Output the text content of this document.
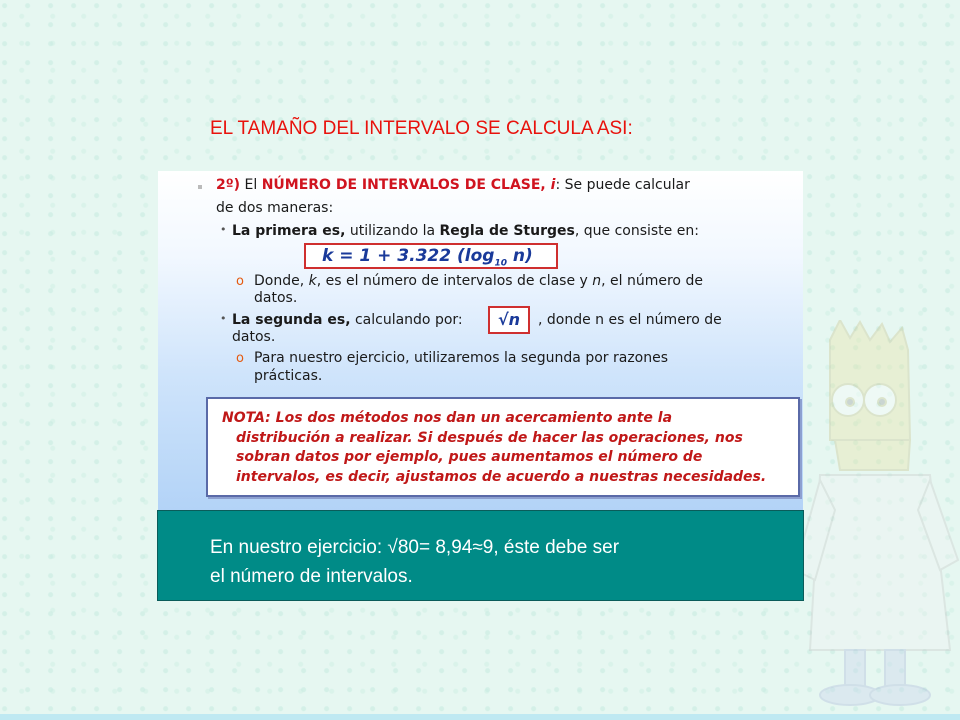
EL TAMAÑO DEL INTERVALO SE CALCULA ASI:
2º) El NÚMERO DE INTERVALOS DE CLASE, i: Se puede calcular
de dos maneras:
• La primera es, utilizando la Regla de Sturges, que consiste en:
k = 1 + 3.322 ($\log_{10}$ n)
o Donde, k, es el número de intervalos de clase y n, el número de
datos.
• La segunda es, calculando por:	√n	, donde n es el número de
datos.
o Para nuestro ejercicio, utilizaremos la segunda por razones
prácticas.
NOTA: Los dos métodos nos dan un acercamiento ante la
distribución a realizar. Si después de hacer las operaciones, nos
sobran datos por ejemplo, pues aumentamos el número de
intervalos, es decir, ajustamos de acuerdo a nuestras necesidades.
En nuestro ejercicio: √80= 8,94≈9, éste debe ser
el número de intervalos.
